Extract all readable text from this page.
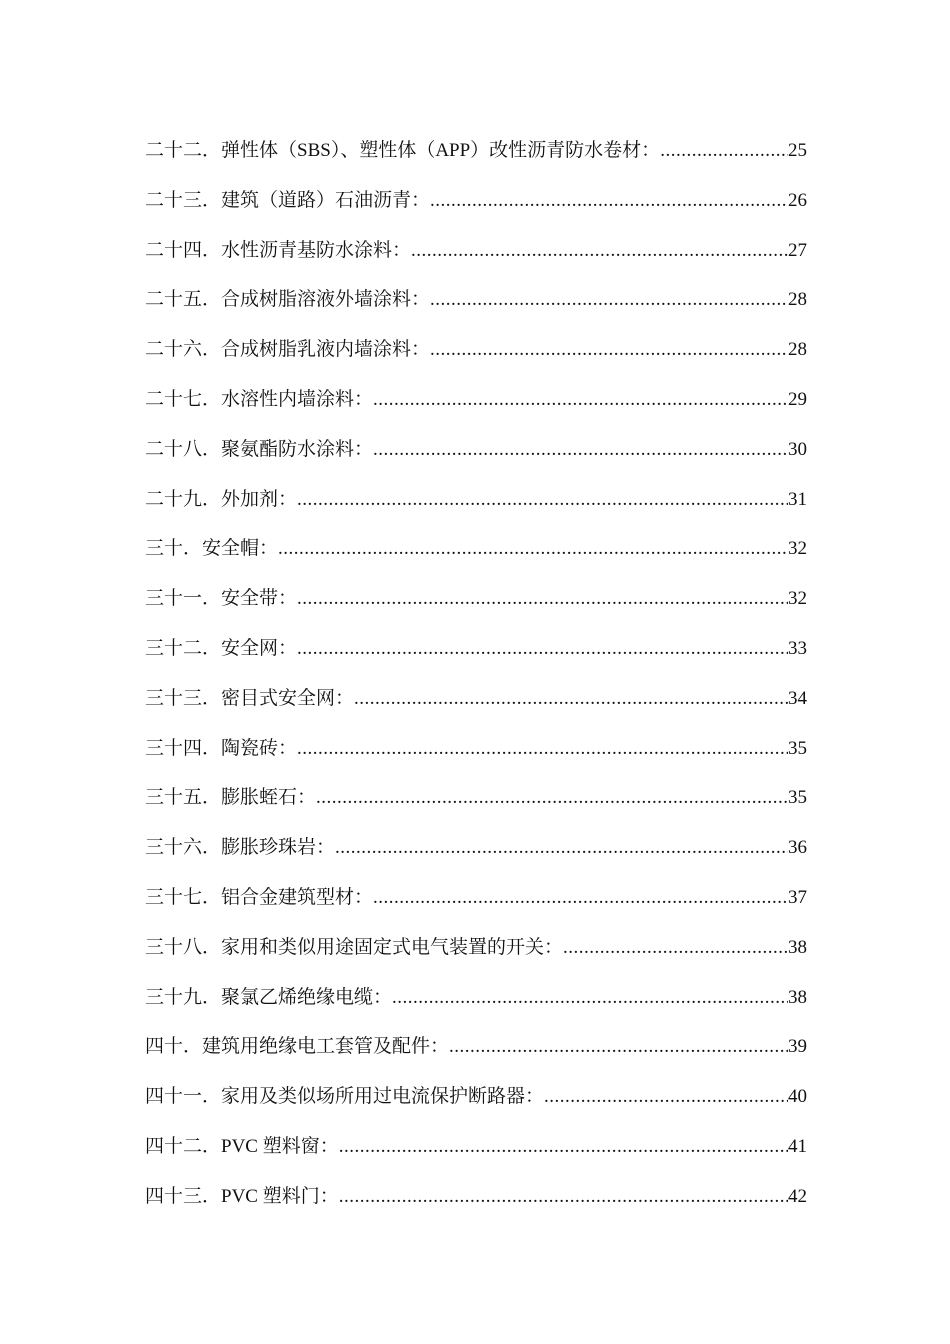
二十二． 弹性体（SBS）、塑性体（APP）改性沥青防水卷材： .....	25
二十三． 建筑（道路）石油沥青： .....	26
二十四． 水性沥青基防水涂料： .....	27
二十五． 合成树脂溶液外墙涂料： .....	28
二十六． 合成树脂乳液内墙涂料： .....	28
二十七． 水溶性内墙涂料： .....	29
二十八． 聚氨酯防水涂料： .....	30
二十九． 外加剂： .....	31
三十． 安全帽： .....	32
三十一． 安全带： .....	32
三十二． 安全网： .....	33
三十三． 密目式安全网： .....	34
三十四． 陶瓷砖： .....	35
三十五． 膨胀蛭石： .....	35
三十六． 膨胀珍珠岩： .....	36
三十七． 铝合金建筑型材： .....	37
三十八． 家用和类似用途固定式电气装置的开关： .....	38
三十九． 聚氯乙烯绝缘电缆： .....	38
四十． 建筑用绝缘电工套管及配件： .....	39
四十一． 家用及类似场所用过电流保护断路器： .....	40
四十二． PVC 塑料窗： .....	41
四十三． PVC 塑料门： .....	42
